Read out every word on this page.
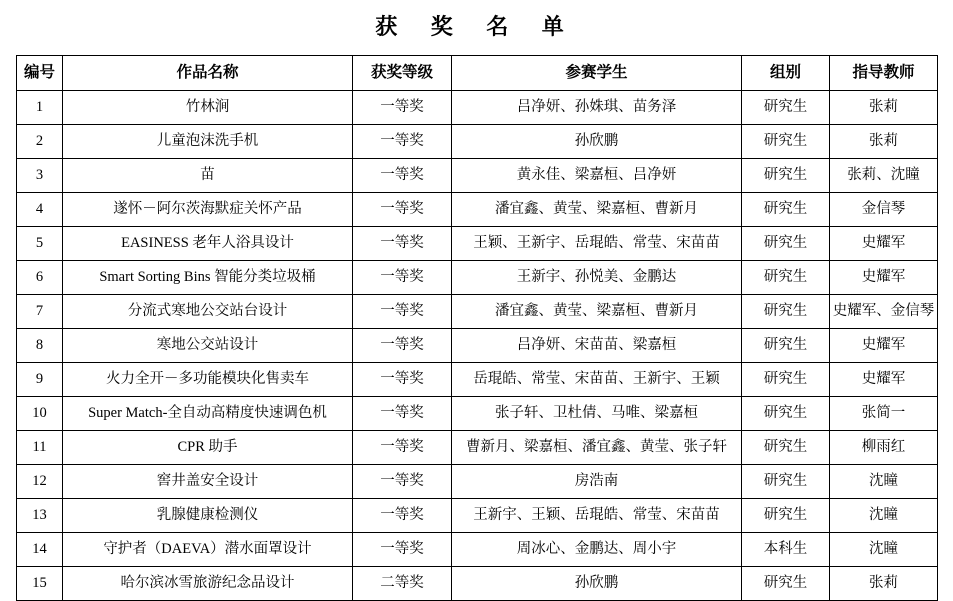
获 奖 名 单
编号	作品名称	获奖等级	参赛学生	组别	指导教师
1	竹林涧	一等奖	吕净妍、孙姝琪、苗务泽	研究生	张莉
2	儿童泡沫洗手机	一等奖	孙欣鹏	研究生	张莉
3	苗	一等奖	黄永佳、梁嘉桓、吕净妍	研究生	张莉、沈瞳
4	遂怀－阿尔茨海默症关怀产品	一等奖	潘宜鑫、黄莹、梁嘉桓、曹新月	研究生	金信琴
5	EASINESS 老年人浴具设计	一等奖	王颖、王新宇、岳琨皓、常莹、宋苗苗	研究生	史耀军
6	Smart Sorting Bins 智能分类垃圾桶	一等奖	王新宇、孙悦美、金鹏达	研究生	史耀军
7	分流式寒地公交站台设计	一等奖	潘宜鑫、黄莹、梁嘉桓、曹新月	研究生	史耀军、金信琴
8	寒地公交站设计	一等奖	吕净妍、宋苗苗、梁嘉桓	研究生	史耀军
9	火力全开－多功能模块化售卖车	一等奖	岳琨皓、常莹、宋苗苗、王新宇、王颖	研究生	史耀军
10	Super Match-全自动高精度快速调色机	一等奖	张子轩、卫杜倩、马唯、梁嘉桓	研究生	张简一
11	CPR 助手	一等奖	曹新月、梁嘉桓、潘宜鑫、黄莹、张子轩	研究生	柳雨红
12	窖井盖安全设计	一等奖	房浩南	研究生	沈瞳
13	乳腺健康检测仪	一等奖	王新宇、王颖、岳琨皓、常莹、宋苗苗	研究生	沈瞳
14	守护者（DAEVA）潜水面罩设计	一等奖	周冰心、金鹏达、周小宇	本科生	沈瞳
15	哈尔滨冰雪旅游纪念品设计	二等奖	孙欣鹏	研究生	张莉
